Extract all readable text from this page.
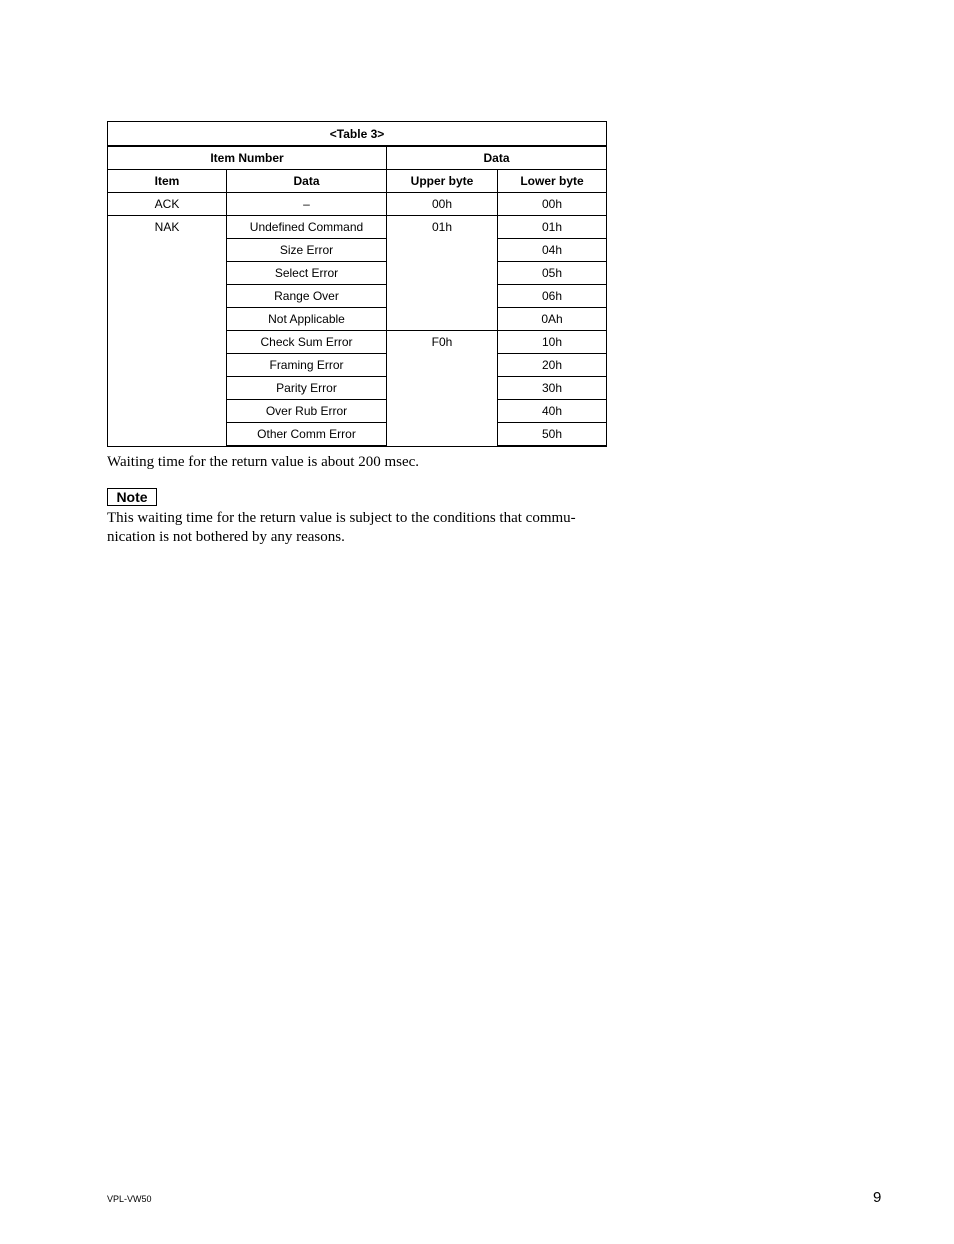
<Table 3>			
Item Number		Data	
Item	Data	Upper byte	Lower byte
ACK	–	00h	00h
NAK	Undefined Command	01h	01h
	Size Error		04h
	Select Error		05h
	Range Over		06h
	Not Applicable		0Ah
	Check Sum Error	F0h	10h
	Framing Error		20h
	Parity Error		30h
	Over Rub Error		40h
	Other Comm Error		50h

Waiting time for the return value is about 200 msec.

Note

This waiting time for the return value is subject to the conditions that commu-
nication is not bothered by any reasons.

VPL-VW50	9
